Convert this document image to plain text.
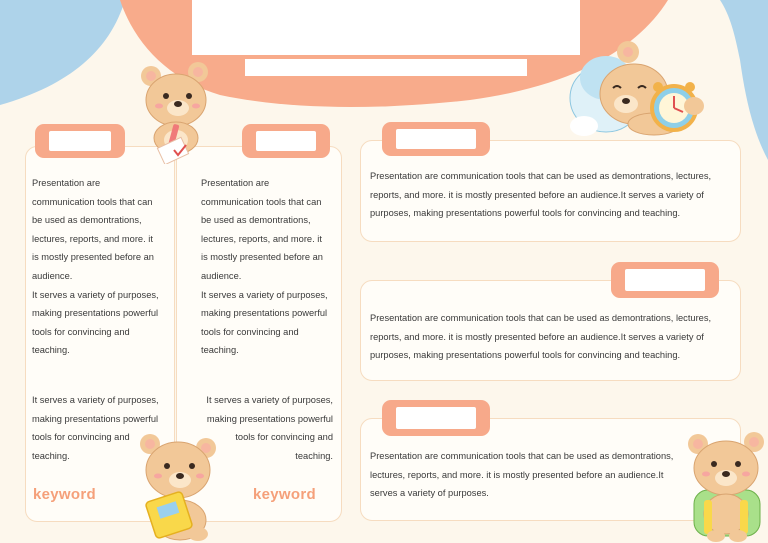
Presentation are
communication tools that can
be used as demontrations,
lectures, reports, and more. it
is mostly presented before an
audience.
It serves a variety of purposes,
making presentations powerful
tools for convincing and
teaching.
It serves a variety of purposes,
making presentations powerful
tools for convincing and
teaching.
keyword
Presentation are
communication tools that can
be used as demontrations,
lectures, reports, and more. it
is mostly presented before an
audience.
It serves a variety of purposes,
making presentations powerful
tools for convincing and
teaching.
It serves a variety of purposes,
making presentations powerful
tools for convincing and
teaching.
keyword
Presentation are communication tools that can be used as demontrations, lectures,
reports, and more. it is mostly presented before an audience.It serves a variety of
purposes, making presentations powerful tools for convincing and teaching.
Presentation are communication tools that can be used as demontrations, lectures,
reports, and more. it is mostly presented before an audience.It serves a variety of
purposes, making presentations powerful tools for convincing and teaching.
Presentation are communication tools that can be used as demontrations,
lectures, reports, and more. it is mostly presented before an audience.It
serves a variety of purposes.
